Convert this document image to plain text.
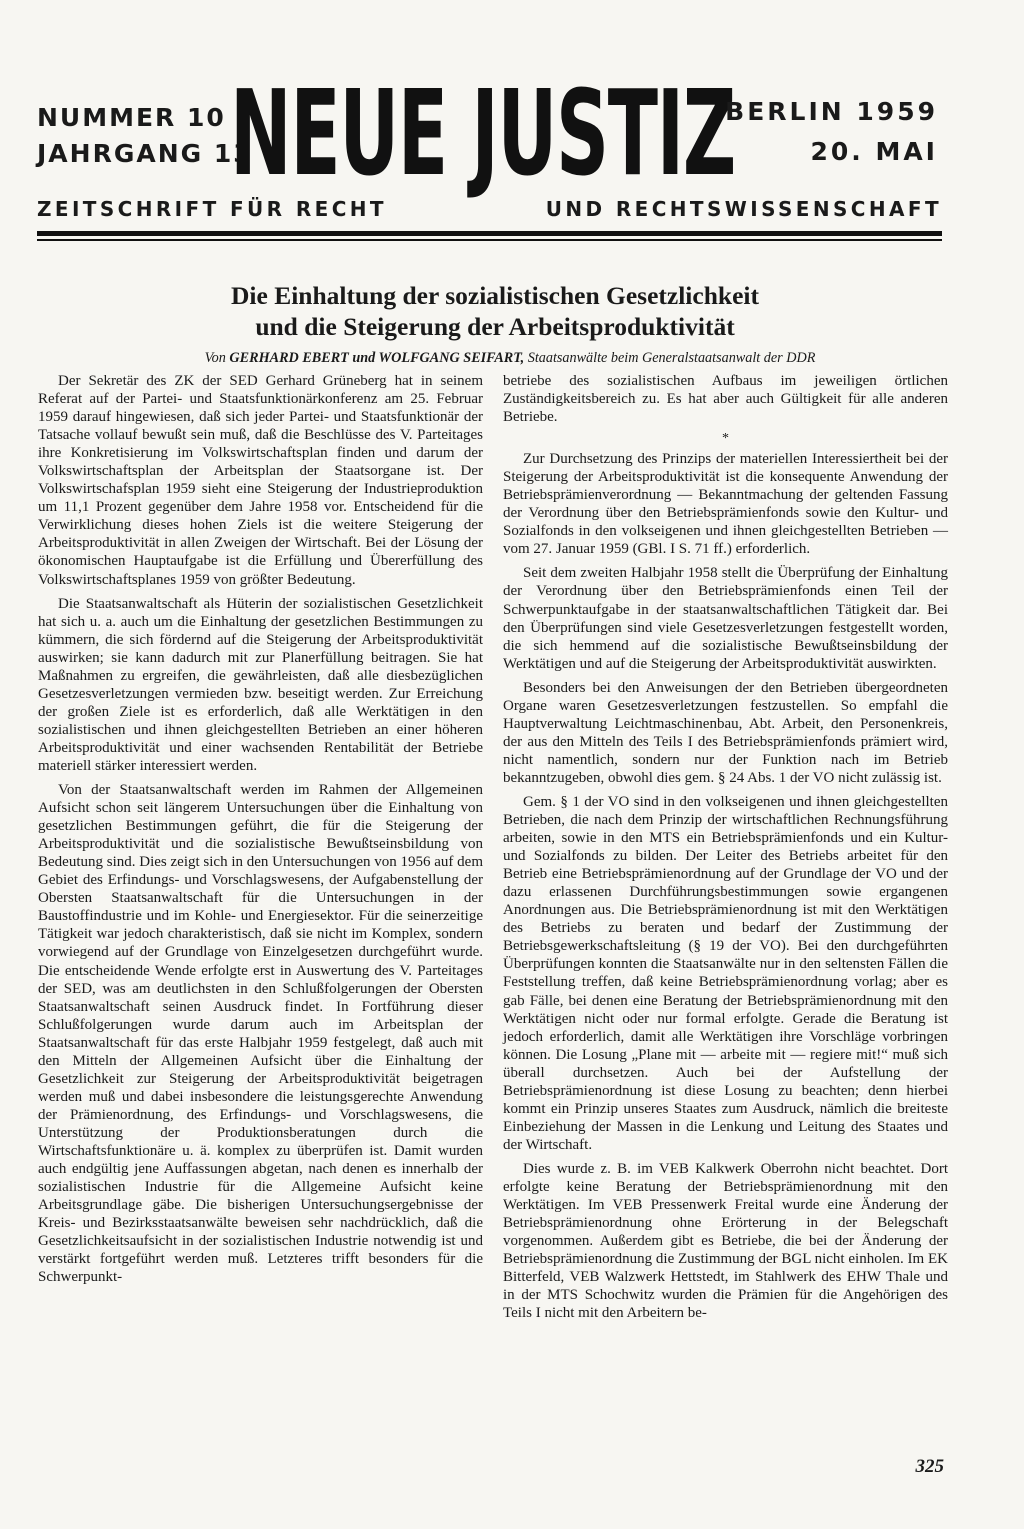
NUMMER 10
JAHRGANG 13
NEUE JUSTIZ
BERLIN 1959
20. MAI
ZEITSCHRIFT FÜR RECHT	UND RECHTSWISSENSCHAFT
Die Einhaltung der sozialistischen Gesetzlichkeit
und die Steigerung der Arbeitsproduktivität
Von GERHARD EBERT und WOLFGANG SEIFART, Staatsanwälte beim Generalstaatsanwalt der DDR

Der Sekretär des ZK der SED Gerhard Grüneberg hat in seinem Referat auf der Partei- und Staatsfunktionärkonferenz am 25. Februar 1959 darauf hingewiesen, daß sich jeder Partei- und Staatsfunktionär der Tatsache vollauf bewußt sein muß, daß die Beschlüsse des V. Parteitages ihre Konkretisierung im Volkswirtschaftsplan finden und darum der Volkswirtschaftsplan der Arbeitsplan der Staatsorgane ist. Der Volkswirtschafsplan 1959 sieht eine Steigerung der Industrieproduktion um 11,1 Prozent gegenüber dem Jahre 1958 vor. Entscheidend für die Verwirklichung dieses hohen Ziels ist die weitere Steigerung der Arbeitsproduktivität in allen Zweigen der Wirtschaft. Bei der Lösung der ökonomischen Hauptaufgabe ist die Erfüllung und Übererfüllung des Volkswirtschaftsplanes 1959 von größter Bedeutung.

Die Staatsanwaltschaft als Hüterin der sozialistischen Gesetzlichkeit hat sich u. a. auch um die Einhaltung der gesetzlichen Bestimmungen zu kümmern, die sich fördernd auf die Steigerung der Arbeitsproduktivität auswirken; sie kann dadurch mit zur Planerfüllung beitragen. Sie hat Maßnahmen zu ergreifen, die gewährleisten, daß alle diesbezüglichen Gesetzesverletzungen vermieden bzw. beseitigt werden. Zur Erreichung der großen Ziele ist es erforderlich, daß alle Werktätigen in den sozialistischen und ihnen gleichgestellten Betrieben an einer höheren Arbeitsproduktivität und einer wachsenden Rentabilität der Betriebe materiell stärker interessiert werden.

Von der Staatsanwaltschaft werden im Rahmen der Allgemeinen Aufsicht schon seit längerem Untersuchungen über die Einhaltung von gesetzlichen Bestimmungen geführt, die für die Steigerung der Arbeitsproduktivität und die sozialistische Bewußtseinsbildung von Bedeutung sind. Dies zeigt sich in den Untersuchungen von 1956 auf dem Gebiet des Erfindungs- und Vorschlagswesens, der Aufgabenstellung der Obersten Staatsanwaltschaft für die Untersuchungen in der Baustoffindustrie und im Kohle- und Energiesektor. Für die seinerzeitige Tätigkeit war jedoch charakteristisch, daß sie nicht im Komplex, sondern vorwiegend auf der Grundlage von Einzelgesetzen durchgeführt wurde. Die entscheidende Wende erfolgte erst in Auswertung des V. Parteitages der SED, was am deutlichsten in den Schlußfolgerungen der Obersten Staatsanwaltschaft seinen Ausdruck findet. In Fortführung dieser Schlußfolgerungen wurde darum auch im Arbeitsplan der Staatsanwaltschaft für das erste Halbjahr 1959 festgelegt, daß auch mit den Mitteln der Allgemeinen Aufsicht über die Einhaltung der Gesetzlichkeit zur Steigerung der Arbeitsproduktivität beigetragen werden muß und dabei insbesondere die leistungsgerechte Anwendung der Prämienordnung, des Erfindungs- und Vorschlagswesens, die Unterstützung der Produktionsberatungen durch die Wirtschaftsfunktionäre u. ä. komplex zu überprüfen ist. Damit wurden auch endgültig jene Auffassungen abgetan, nach denen es innerhalb der sozialistischen Industrie für die Allgemeine Aufsicht keine Arbeitsgrundlage gäbe. Die bisherigen Untersuchungsergebnisse der Kreis- und Bezirksstaatsanwälte beweisen sehr nachdrücklich, daß die Gesetzlichkeitsaufsicht in der sozialistischen Industrie notwendig ist und verstärkt fortgeführt werden muß. Letzteres trifft besonders für die Schwerpunkt-

betriebe des sozialistischen Aufbaus im jeweiligen örtlichen Zuständigkeitsbereich zu. Es hat aber auch Gültigkeit für alle anderen Betriebe.

*

Zur Durchsetzung des Prinzips der materiellen Interessiertheit bei der Steigerung der Arbeitsproduktivität ist die konsequente Anwendung der Betriebsprämienverordnung — Bekanntmachung der geltenden Fassung der Verordnung über den Betriebsprämienfonds sowie den Kultur- und Sozialfonds in den volkseigenen und ihnen gleichgestellten Betrieben — vom 27. Januar 1959 (GBl. I S. 71 ff.) erforderlich.

Seit dem zweiten Halbjahr 1958 stellt die Überprüfung der Einhaltung der Verordnung über den Betriebsprämienfonds einen Teil der Schwerpunktaufgabe in der staatsanwaltschaftlichen Tätigkeit dar. Bei den Überprüfungen sind viele Gesetzesverletzungen festgestellt worden, die sich hemmend auf die sozialistische Bewußtseinsbildung der Werktätigen und auf die Steigerung der Arbeitsproduktivität auswirkten.

Besonders bei den Anweisungen der den Betrieben übergeordneten Organe waren Gesetzesverletzungen festzustellen. So empfahl die Hauptverwaltung Leichtmaschinenbau, Abt. Arbeit, den Personenkreis, der aus den Mitteln des Teils I des Betriebsprämienfonds prämiert wird, nicht namentlich, sondern nur der Funktion nach im Betrieb bekanntzugeben, obwohl dies gem. § 24 Abs. 1 der VO nicht zulässig ist.

Gem. § 1 der VO sind in den volkseigenen und ihnen gleichgestellten Betrieben, die nach dem Prinzip der wirtschaftlichen Rechnungsführung arbeiten, sowie in den MTS ein Betriebsprämienfonds und ein Kultur- und Sozialfonds zu bilden. Der Leiter des Betriebs arbeitet für den Betrieb eine Betriebsprämienordnung auf der Grundlage der VO und der dazu erlassenen Durchführungsbestimmungen sowie ergangenen Anordnungen aus. Die Betriebsprämienordnung ist mit den Werktätigen des Betriebs zu beraten und bedarf der Zustimmung der Betriebsgewerkschaftsleitung (§ 19 der VO). Bei den durchgeführten Überprüfungen konnten die Staatsanwälte nur in den seltensten Fällen die Feststellung treffen, daß keine Betriebsprämienordnung vorlag; aber es gab Fälle, bei denen eine Beratung der Betriebsprämienordnung mit den Werktätigen nicht oder nur formal erfolgte. Gerade die Beratung ist jedoch erforderlich, damit alle Werktätigen ihre Vorschläge vorbringen können. Die Losung „Plane mit — arbeite mit — regiere mit!“ muß sich überall durchsetzen. Auch bei der Aufstellung der Betriebsprämienordnung ist diese Losung zu beachten; denn hierbei kommt ein Prinzip unseres Staates zum Ausdruck, nämlich die breiteste Einbeziehung der Massen in die Lenkung und Leitung des Staates und der Wirtschaft.

Dies wurde z. B. im VEB Kalkwerk Oberrohn nicht beachtet. Dort erfolgte keine Beratung der Betriebsprämienordnung mit den Werktätigen. Im VEB Pressenwerk Freital wurde eine Änderung der Betriebsprämienordnung ohne Erörterung in der Belegschaft vorgenommen. Außerdem gibt es Betriebe, die bei der Änderung der Betriebsprämienordnung die Zustimmung der BGL nicht einholen. Im EK Bitterfeld, VEB Walzwerk Hettstedt, im Stahlwerk des EHW Thale und in der MTS Schochwitz wurden die Prämien für die Angehörigen des Teils I nicht mit den Arbeitern be-

325
